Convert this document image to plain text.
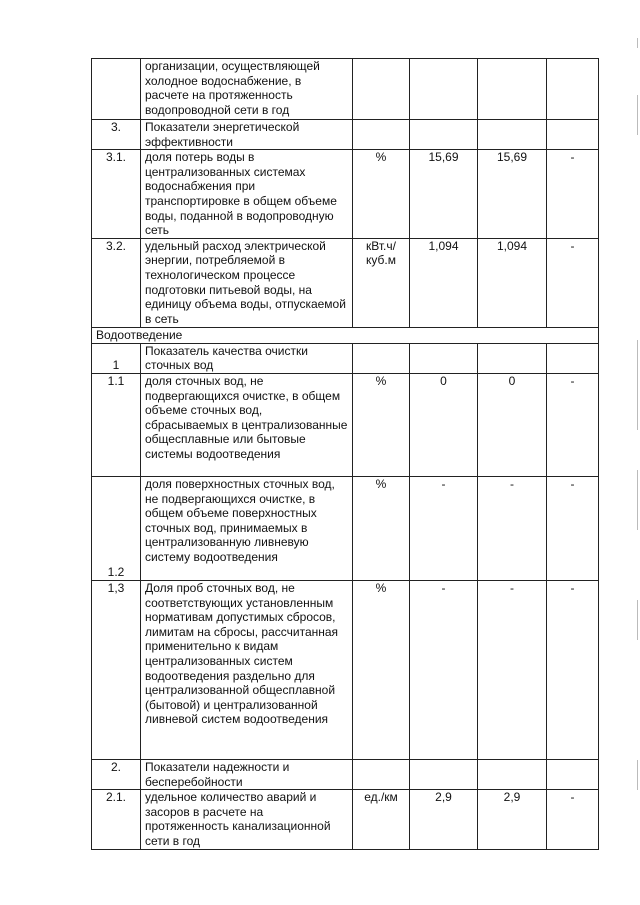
	организации, осуществляющей холодное водоснабжение, в расчете на протяженность водопроводной сети в год				
3.	Показатели энергетической эффективности				
3.1.	доля потерь воды в централизованных системах водоснабжения при транспортировке в общем объеме воды, поданной в водопроводную сеть	%	15,69	15,69	-
3.2.	удельный расход электрической энергии, потребляемой в технологическом процессе подготовки питьевой воды, на единицу объема воды, отпускаемой в сеть	кВт.ч/куб.м	1,094	1,094	-
Водоотведение					
1	Показатель качества очистки сточных вод				
1.1	доля сточных вод, не подвергающихся очистке, в общем объеме сточных вод, сбрасываемых в централизованные общесплавные или бытовые системы водоотведения	%	0	0	-
1.2	доля поверхностных сточных вод, не подвергающихся очистке, в общем объеме поверхностных сточных вод, принимаемых в централизованную ливневую систему водоотведения	%	-	-	-
1,3	Доля проб сточных вод, не соответствующих установленным нормативам допустимых сбросов, лимитам на сбросы, рассчитанная применительно к видам централизованных систем водоотведения раздельно для централизованной общесплавной (бытовой) и централизованной ливневой систем водоотведения	%	-	-	-
2.	Показатели надежности и бесперебойности				
2.1.	удельное количество аварий и засоров в расчете на протяженность канализационной сети в год	ед./км	2,9	2,9	-
